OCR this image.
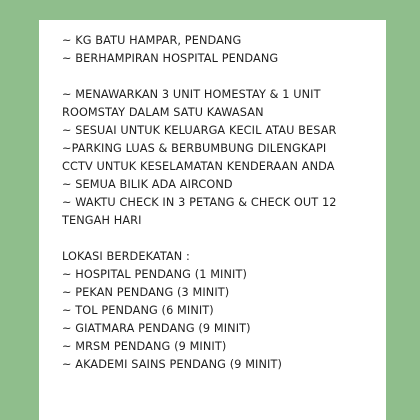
~ KG BATU HAMPAR, PENDANG
~ BERHAMPIRAN HOSPITAL PENDANG
~ MENAWARKAN 3 UNIT HOMESTAY & 1 UNIT
ROOMSTAY DALAM SATU KAWASAN
~ SESUAI UNTUK KELUARGA KECIL ATAU BESAR
~PARKING LUAS & BERBUMBUNG DILENGKAPI
CCTV UNTUK KESELAMATAN KENDERAAN ANDA
~ SEMUA BILIK ADA AIRCOND
~ WAKTU CHECK IN 3 PETANG & CHECK OUT 12
TENGAH HARI
LOKASI BERDEKATAN :
~ HOSPITAL PENDANG (1 MINIT)
~ PEKAN PENDANG (3 MINIT)
~ TOL PENDANG (6 MINIT)
~ GIATMARA PENDANG (9 MINIT)
~ MRSM PENDANG (9 MINIT)
~ AKADEMI SAINS PENDANG (9 MINIT)
